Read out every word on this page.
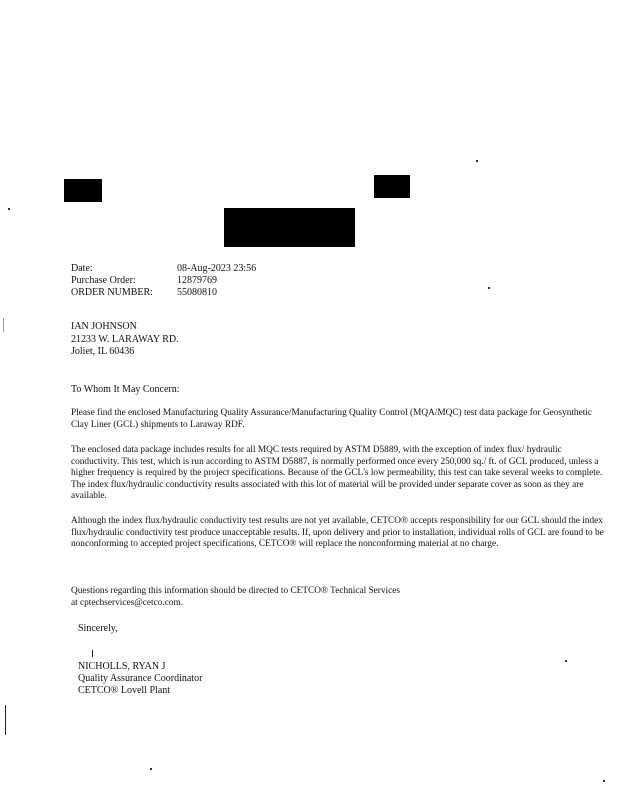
Date:	08-Aug-2023 23:56
Purchase Order:	12879769
ORDER NUMBER:	55080810
IAN JOHNSON
21233 W. LARAWAY RD.
Joliet, IL 60436

To Whom It May Concern:

Please find the enclosed Manufacturing Quality Assurance/Manufacturing Quality Control (MQA/MQC) test data package for Geosynthetic Clay Liner (GCL) shipments to Laraway RDF.

The enclosed data package includes results for all MQC tests required by ASTM D5889, with the exception of index flux/ hydraulic conductivity. This test, which is run according to ASTM D5887, is normally performed once every 250,000 sq./ ft. of GCL produced, unless a higher frequency is required by the project specifications. Because of the GCL's low permeability, this test can take several weeks to complete. The index flux/hydraulic conductivity results associated with this lot of material will be provided under separate cover as soon as they are available.

Although the index flux/hydraulic conductivity test results are not yet available, CETCO® accepts responsibility for our GCL should the index flux/hydraulic conductivity test produce unacceptable results. If, upon delivery and prior to installation, individual rolls of GCL are found to be nonconforming to accepted project specifications, CETCO® will replace the nonconforming material at no charge.

Questions regarding this information should be directed to CETCO® Technical Services
at cptechservices@cetco.com.

Sincerely,

NICHOLLS, RYAN J
Quality Assurance Coordinator
CETCO® Lovell Plant
